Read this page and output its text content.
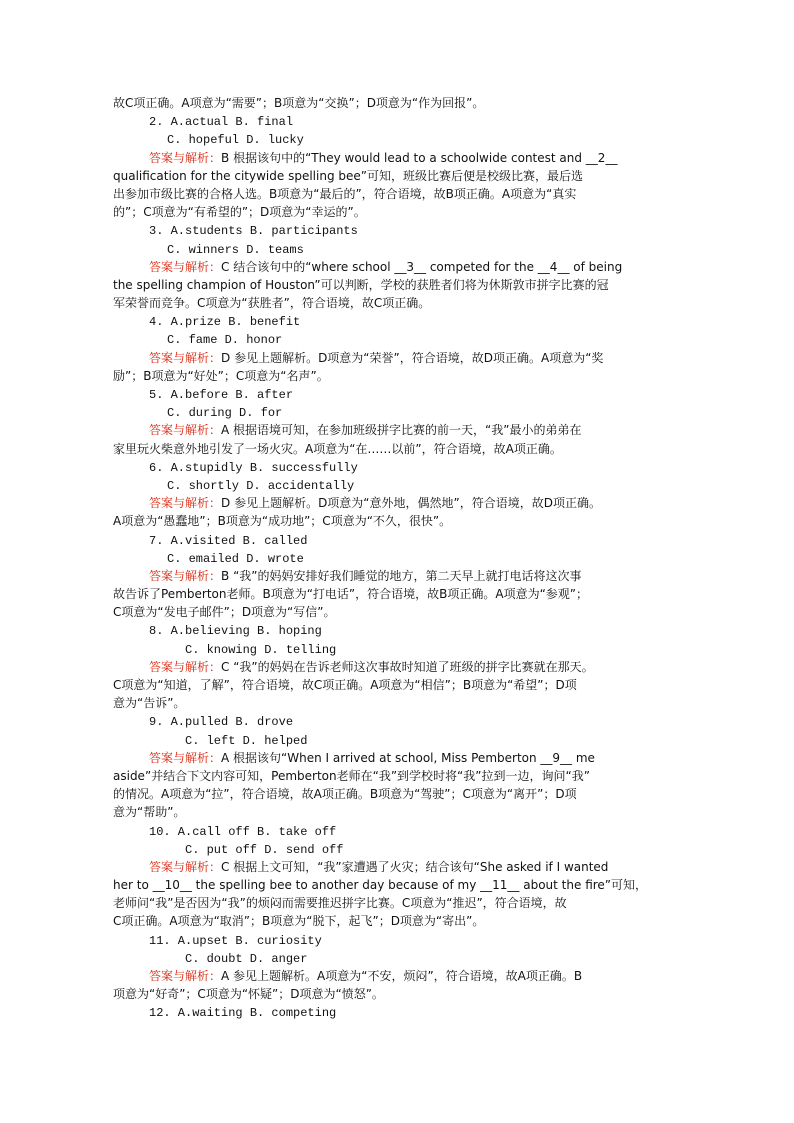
故C项正确。A项意为“需要”；B项意为“交换”；D项意为“作为回报”。
2. A.actual B. final
C. hopeful D. lucky
答案与解析：B 根据该句中的“They would lead to a schoolwide contest and __2__
qualification for the citywide spelling bee”可知，班级比赛后便是校级比赛，最后选
出参加市级比赛的合格人选。B项意为“最后的”，符合语境，故B项正确。A项意为“真实
的”；C项意为“有希望的”；D项意为“幸运的”。
3. A.students B. participants
C. winners D. teams
答案与解析：C 结合该句中的“where school __3__ competed for the __4__ of being
the spelling champion of Houston”可以判断，学校的获胜者们将为休斯敦市拼字比赛的冠
军荣誉而竞争。C项意为“获胜者”，符合语境，故C项正确。
4. A.prize B. benefit
C. fame D. honor
答案与解析：D 参见上题解析。D项意为“荣誉”，符合语境，故D项正确。A项意为“奖
励”；B项意为“好处”；C项意为“名声”。
5. A.before B. after
C. during D. for
答案与解析：A 根据语境可知，在参加班级拼字比赛的前一天，“我”最小的弟弟在
家里玩火柴意外地引发了一场火灾。A项意为“在……以前”，符合语境，故A项正确。
6. A.stupidly B. successfully
C. shortly D. accidentally
答案与解析：D 参见上题解析。D项意为“意外地，偶然地”，符合语境，故D项正确。
A项意为“愚蠢地”；B项意为“成功地”；C项意为“不久，很快”。
7. A.visited B. called
C. emailed D. wrote
答案与解析：B “我”的妈妈安排好我们睡觉的地方，第二天早上就打电话将这次事
故告诉了Pemberton老师。B项意为“打电话”，符合语境，故B项正确。A项意为“参观”；
C项意为“发电子邮件”；D项意为“写信”。
8. A.believing B. hoping
C. knowing D. telling
答案与解析：C “我”的妈妈在告诉老师这次事故时知道了班级的拼字比赛就在那天。
C项意为“知道，了解”，符合语境，故C项正确。A项意为“相信”；B项意为“希望”；D项
意为“告诉”。
9. A.pulled B. drove
C. left D. helped
答案与解析：A 根据该句“When I arrived at school, Miss Pemberton __9__ me
aside”并结合下文内容可知，Pemberton老师在“我”到学校时将“我”拉到一边，询问“我”
的情况。A项意为“拉”，符合语境，故A项正确。B项意为“驾驶”；C项意为“离开”；D项
意为“帮助”。
10. A.call off B. take off
C. put off D. send off
答案与解析：C 根据上文可知，“我”家遭遇了火灾；结合该句“She asked if I wanted
her to __10__ the spelling bee to another day because of my __11__ about the fire”可知，
老师问“我”是否因为“我”的烦闷而需要推迟拼字比赛。C项意为“推迟”，符合语境，故
C项正确。A项意为“取消”；B项意为“脱下，起飞”；D项意为“寄出”。
11. A.upset B. curiosity
C. doubt D. anger
答案与解析：A 参见上题解析。A项意为“不安，烦闷”，符合语境，故A项正确。B
项意为“好奇”；C项意为“怀疑”；D项意为“愤怒”。
12. A.waiting B. competing
